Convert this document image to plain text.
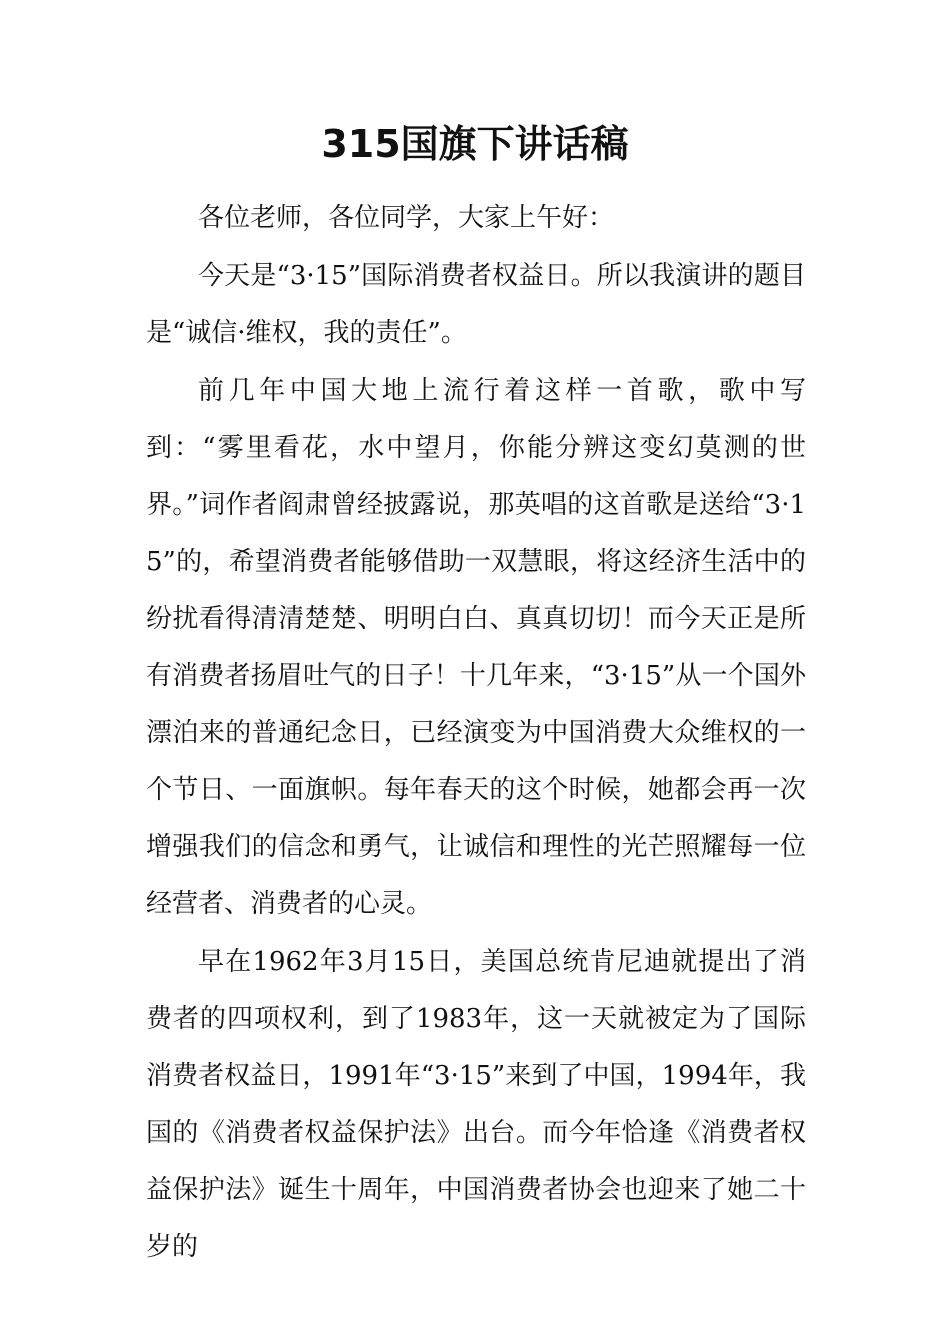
315国旗下讲话稿

各位老师，各位同学，大家上午好：

今天是“3·15”国际消费者权益日。所以我演讲的题目是“诚信·维权，我的责任”。

前几年中国大地上流行着这样一首歌，歌中写到：“雾里看花，水中望月，你能分辨这变幻莫测的世界。”词作者阎肃曾经披露说，那英唱的这首歌是送给“3·15”的，希望消费者能够借助一双慧眼，将这经济生活中的纷扰看得清清楚楚、明明白白、真真切切！而今天正是所有消费者扬眉吐气的日子！十几年来，“3·15”从一个国外漂泊来的普通纪念日，已经演变为中国消费大众维权的一个节日、一面旗帜。每年春天的这个时候，她都会再一次增强我们的信念和勇气，让诚信和理性的光芒照耀每一位经营者、消费者的心灵。

早在1962年3月15日，美国总统肯尼迪就提出了消费者的四项权利，到了1983年，这一天就被定为了国际消费者权益日，1991年“3·15”来到了中国，1994年，我国的《消费者权益保护法》出台。而今年恰逢《消费者权益保护法》诞生十周年，中国消费者协会也迎来了她二十岁的
